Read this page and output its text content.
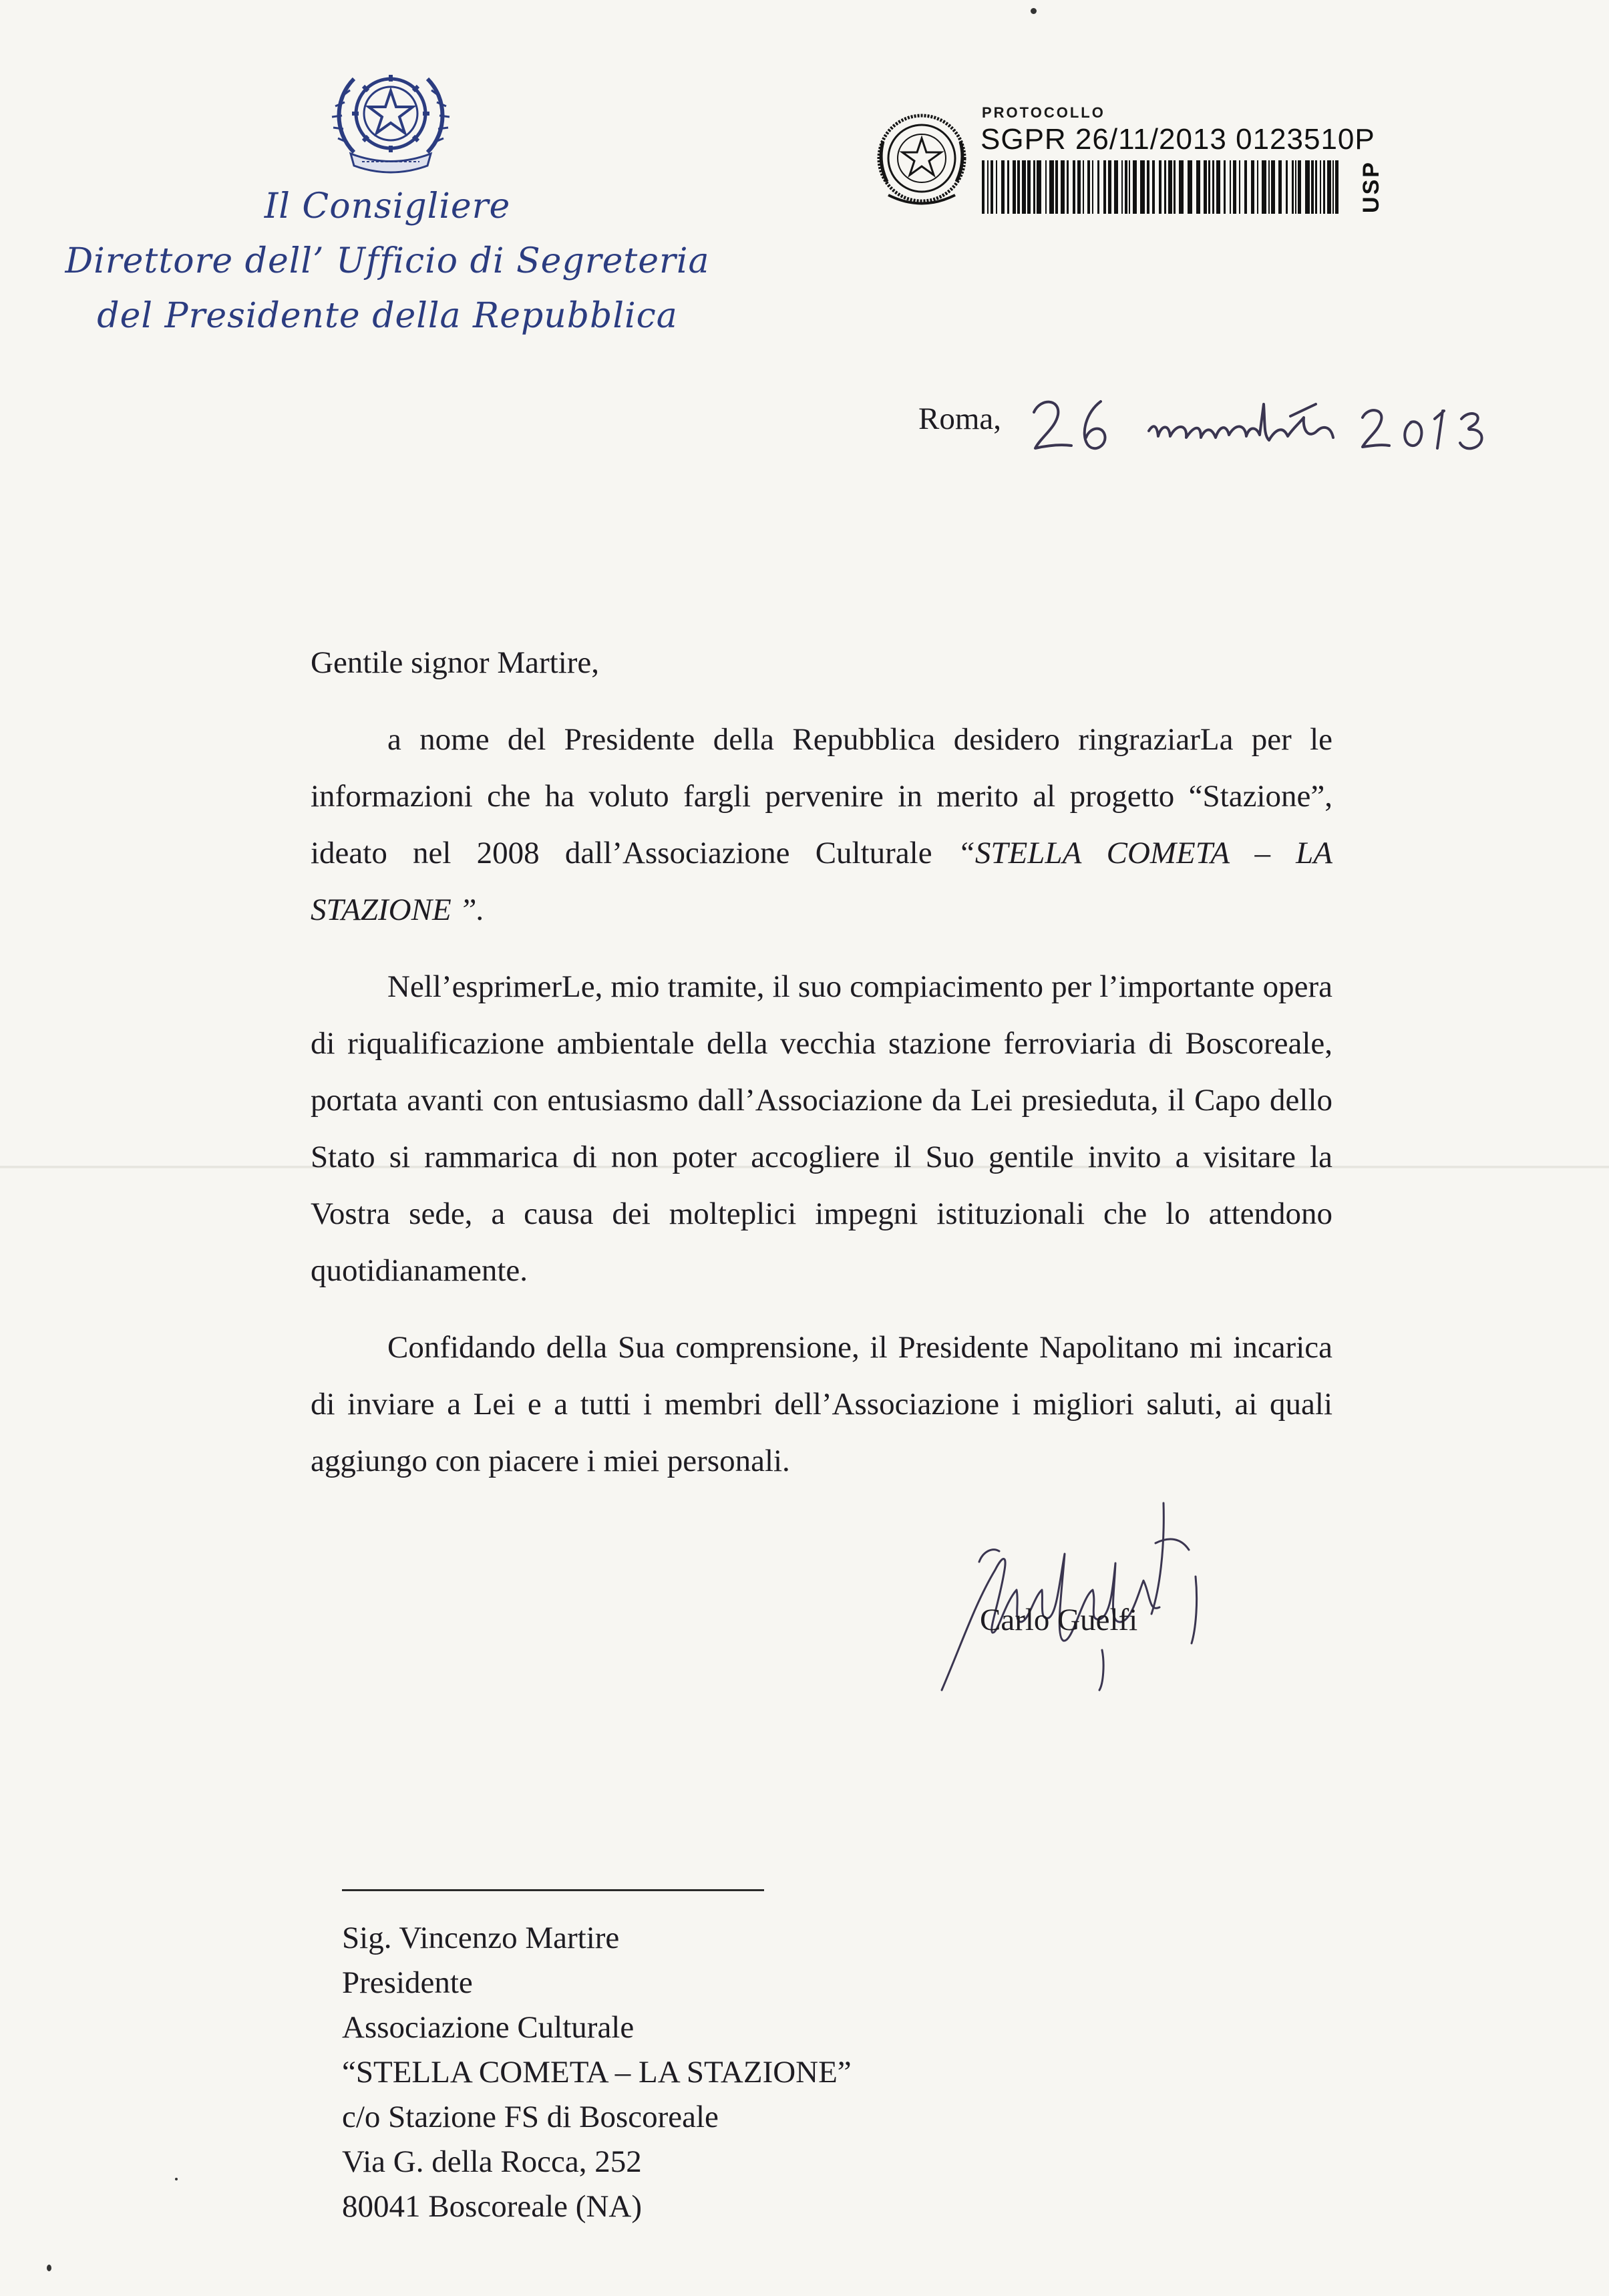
Il Consigliere
Direttore dell’ Ufficio di Segreteria
del Presidente della Repubblica
PROTOCOLLO
SGPR 26/11/2013 0123510P
USP
Roma,

Gentile signor Martire,

a nome del Presidente della Repubblica desidero ringraziarLa per le informazioni che ha voluto fargli pervenire in merito al progetto “Stazione”, ideato nel 2008 dall’Associazione Culturale “STELLA COMETA – LA STAZIONE ”.

Nell’esprimerLe, mio tramite, il suo compiacimento per l’importante opera di riqualificazione ambientale della vecchia stazione ferroviaria di Boscoreale, portata avanti con entusiasmo dall’Associazione da Lei presieduta, il Capo dello Stato si rammarica di non poter accogliere il Suo gentile invito a visitare la Vostra sede, a causa dei molteplici impegni istituzionali che lo attendono quotidianamente.

Confidando della Sua comprensione, il Presidente Napolitano mi incarica di inviare a Lei e a tutti i membri dell’Associazione i migliori saluti, ai quali aggiungo con piacere i miei personali.

Carlo Guelfi
Sig. Vincenzo Martire
Presidente
Associazione Culturale
“STELLA COMETA – LA STAZIONE”
c/o Stazione FS di Boscoreale
Via G. della Rocca, 252
80041 Boscoreale (NA)
